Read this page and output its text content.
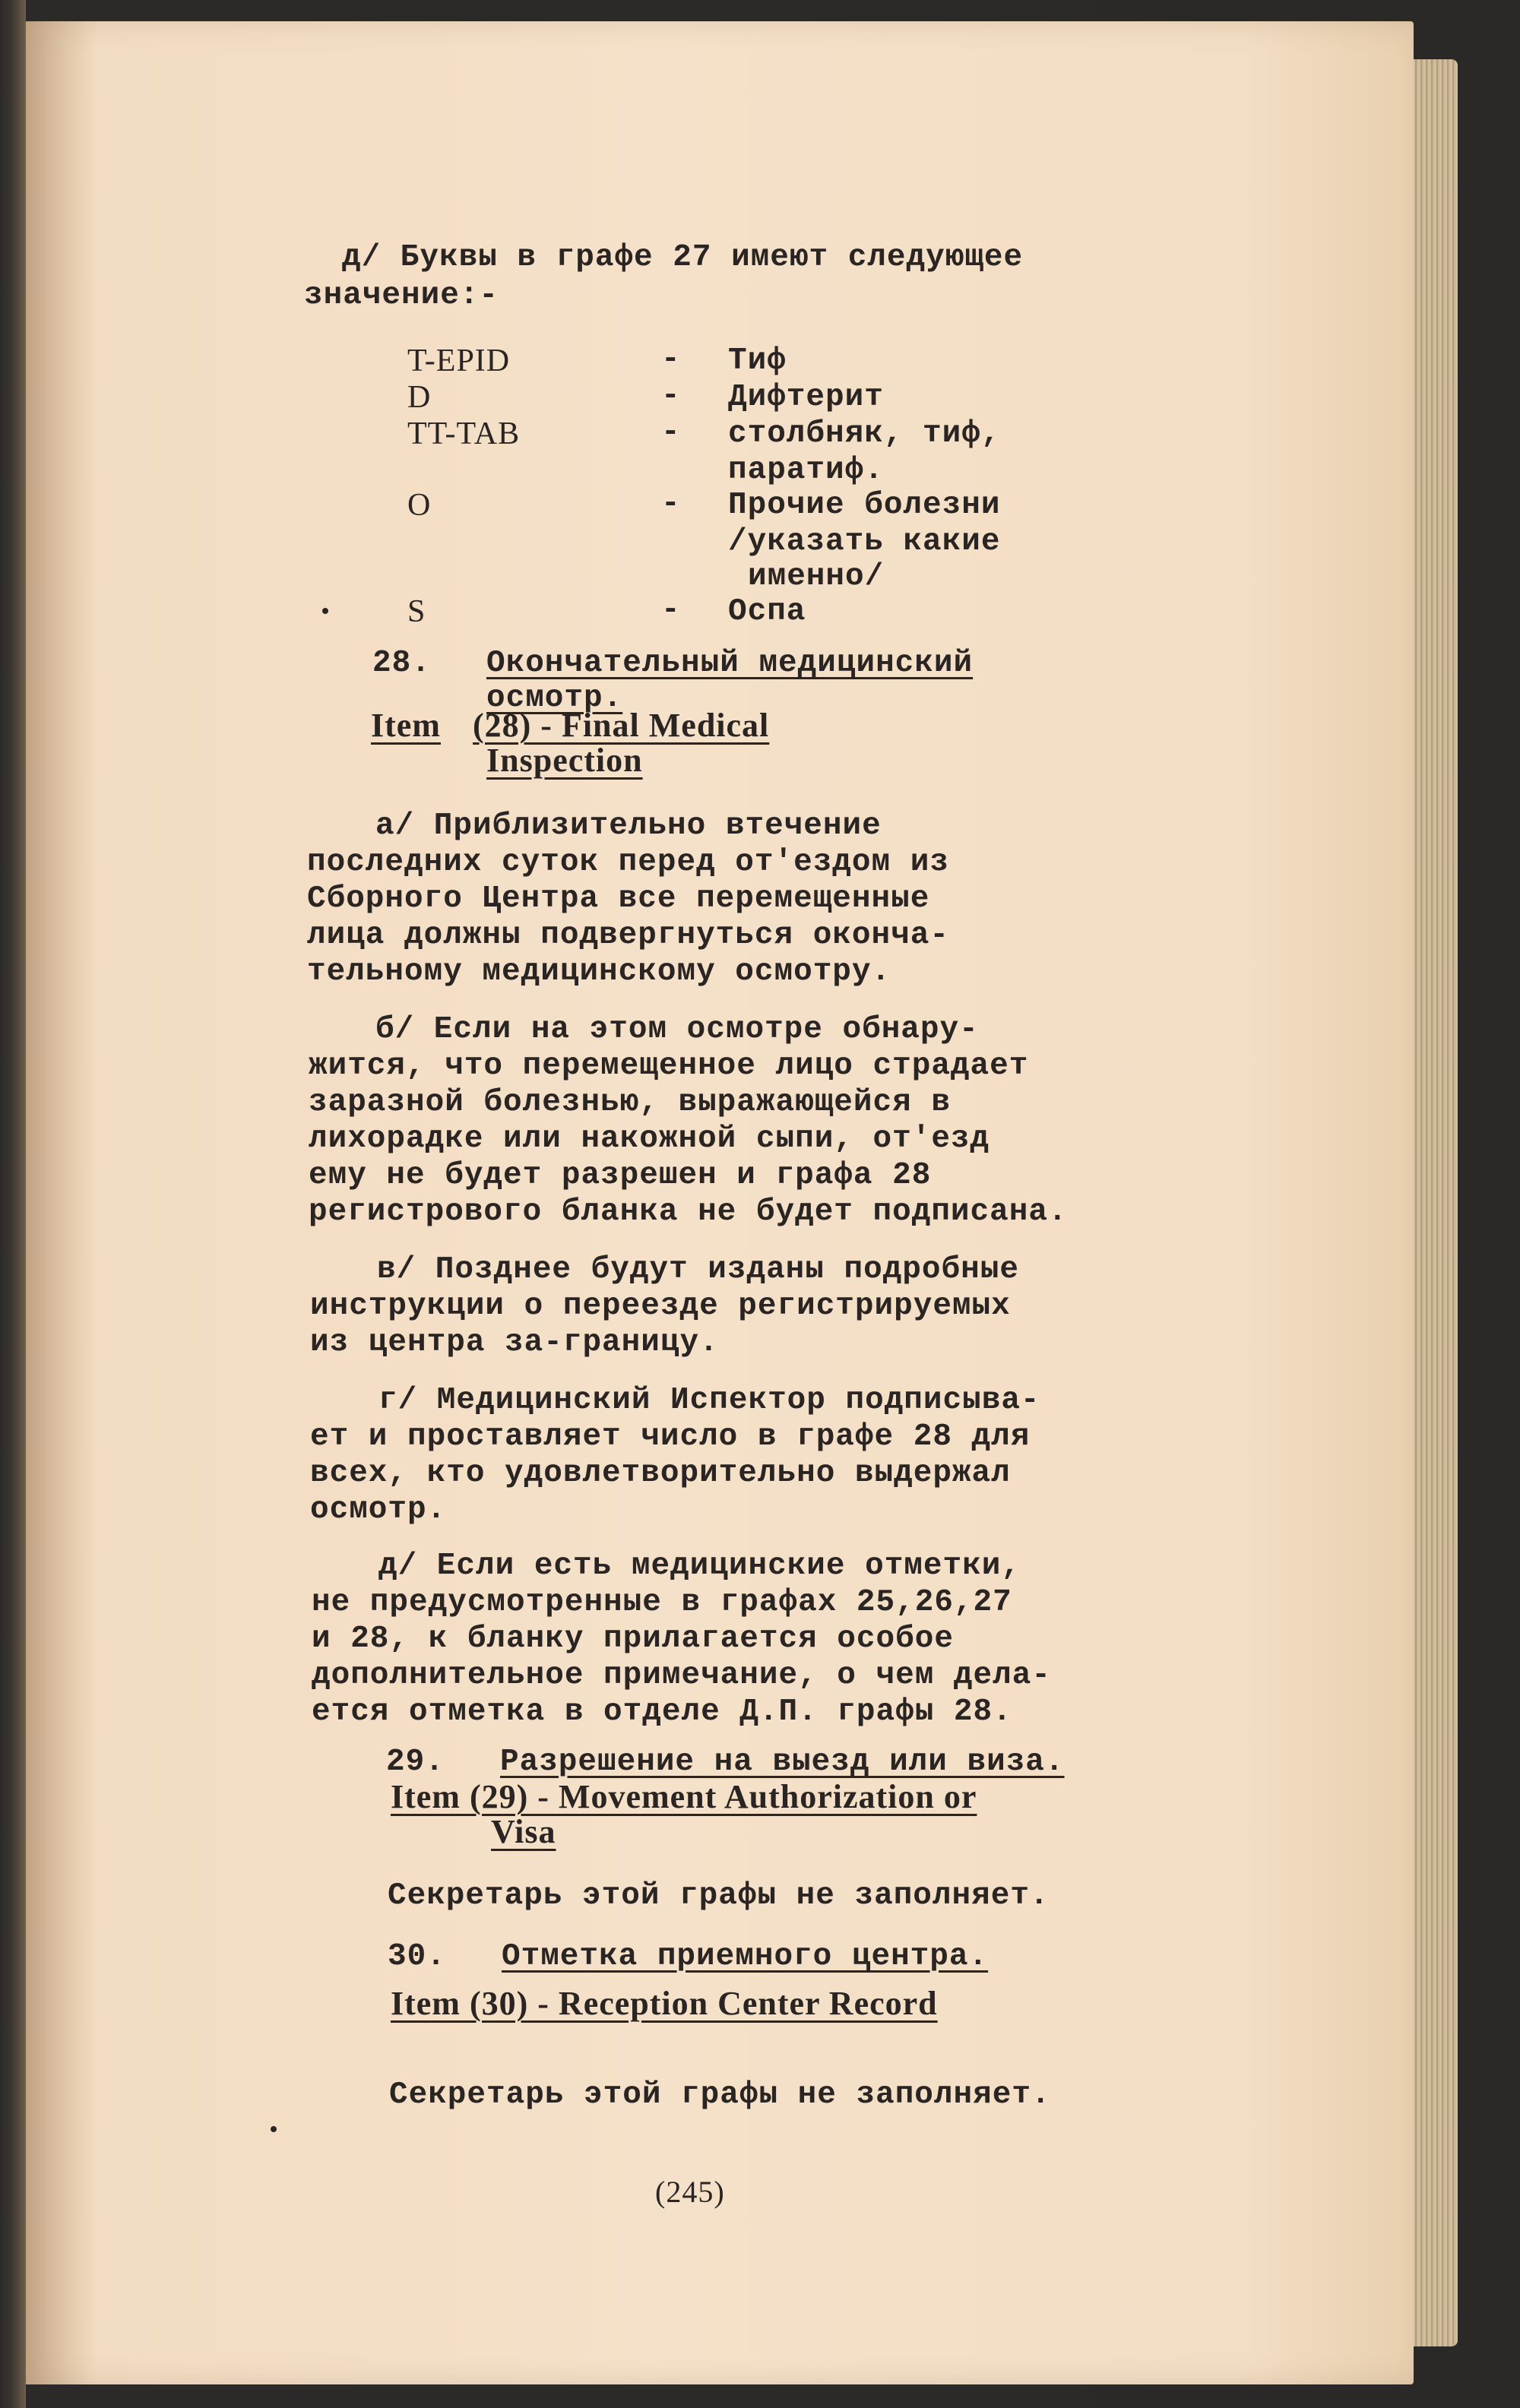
д/ Буквы в графе 27 имеют следующее
значение:-
T-EPID	- Тиф
D	- Дифтерит
TT-TAB	- столбняк, тиф,
паратиф.
O	- Прочие болезни
/указать какие
именно/
S	- Оспа
28. Окончательный медицинский
осмотр.
Item (28) - Final Medical
Inspection
а/ Приблизительно втечение
последних суток перед от'ездом из
Сборного Центра все перемещенные
лица должны подвергнуться оконча-
тельному медицинскому осмотру.
б/ Если на этом осмотре обнару-
жится, что перемещенное лицо страдает
заразной болезнью, выражающейся в
лихорадке или накожной сыпи, от'езд
ему не будет разрешен и графа 28
регистрового бланка не будет подписана.
в/ Позднее будут изданы подробные
инструкции о переезде регистрируемых
из центра за-границу.
г/ Медицинский Испектор подписыва-
ет и проставляет число в графе 28 для
всех, кто удовлетворительно выдержал
осмотр.
д/ Если есть медицинские отметки,
не предусмотренные в графах 25,26,27
и 28, к бланку прилагается особое
дополнительное примечание, о чем дела-
ется отметка в отделе Д.П. графы 28.
29. Разрешение на выезд или виза.
Item (29) - Movement Authorization or
Visa
Секретарь этой графы не заполняет.
30. Отметка приемного центра.
Item (30) - Reception Center Record
Секретарь этой графы не заполняет.
(245)
